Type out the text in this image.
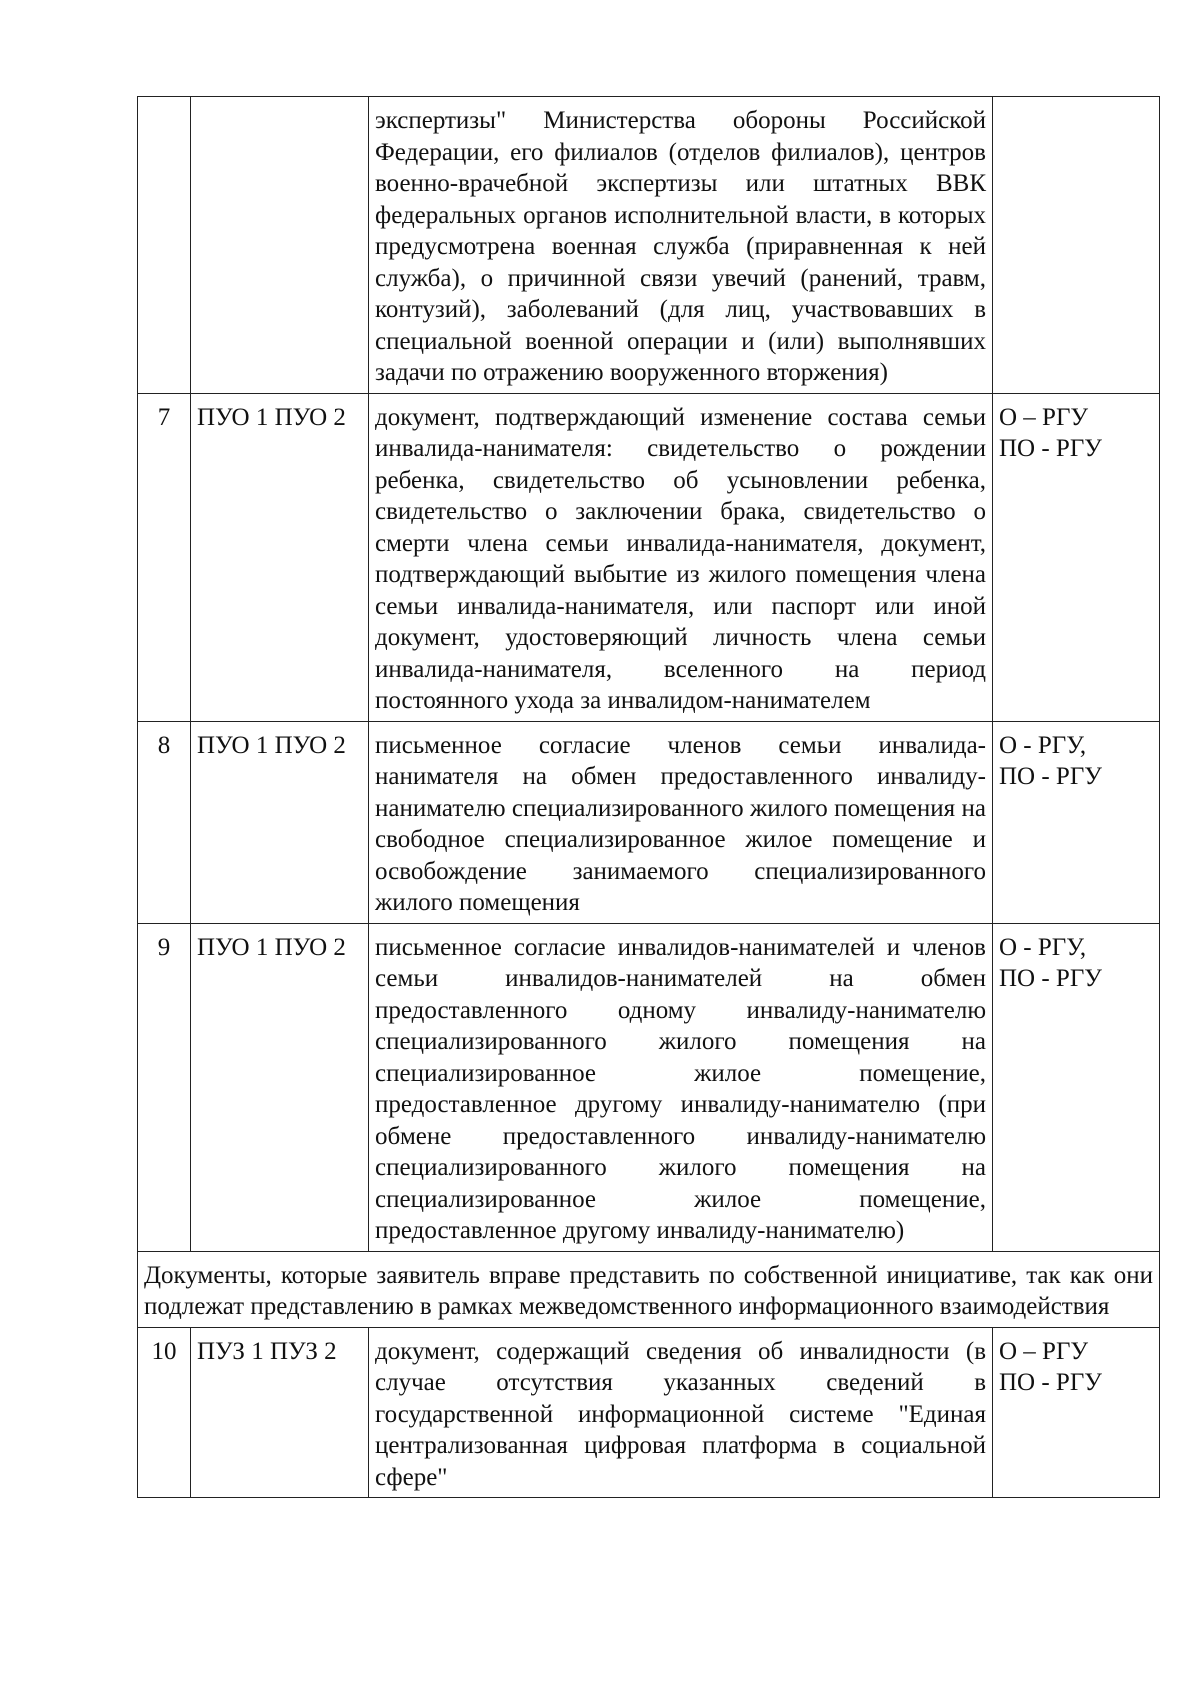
		экспертизы" Министерства обороны Российской Федерации, его филиалов (отделов филиалов), центров военно-врачебной экспертизы или штатных ВВК федеральных органов исполнительной власти, в которых предусмотрена военная служба (приравненная к ней служба), о причинной связи увечий (ранений, травм, контузий), заболеваний (для лиц, участвовавших в специальной военной операции и (или) выполнявших задачи по отражению вооруженного вторжения)	

7	ПУО 1 ПУО 2	документ, подтверждающий изменение состава семьи инвалида-нанимателя: свидетельство о рождении ребенка, свидетельство об усыновлении ребенка, свидетельство о заключении брака, свидетельство о смерти члена семьи инвалида-нанимателя, документ, подтверждающий выбытие из жилого помещения члена семьи инвалида-нанимателя, или паспорт или иной документ, удостоверяющий личность члена семьи инвалида-нанимателя, вселенного на период постоянного ухода за инвалидом-нанимателем	О – РГУ
ПО - РГУ

8	ПУО 1 ПУО 2	письменное согласие членов семьи инвалида-нанимателя на обмен предоставленного инвалиду-нанимателю специализированного жилого помещения на свободное специализированное жилое помещение и освобождение занимаемого специализированного жилого помещения	О - РГУ,
ПО - РГУ

9	ПУО 1 ПУО 2	письменное согласие инвалидов-нанимателей и членов семьи инвалидов-нанимателей на обмен предоставленного одному инвалиду-нанимателю специализированного жилого помещения на специализированное жилое помещение, предоставленное другому инвалиду-нанимателю (при обмене предоставленного инвалиду-нанимателю специализированного жилого помещения на специализированное жилое помещение, предоставленное другому инвалиду-нанимателю)	О - РГУ,
ПО - РГУ

Документы, которые заявитель вправе представить по собственной инициативе, так как они подлежат представлению в рамках межведомственного информационного взаимодействия			
10	ПУЗ 1 ПУЗ 2	документ, содержащий сведения об инвалидности (в случае отсутствия указанных сведений в государственной информационной системе "Единая централизованная цифровая платформа в социальной сфере"	О – РГУ
ПО - РГУ
